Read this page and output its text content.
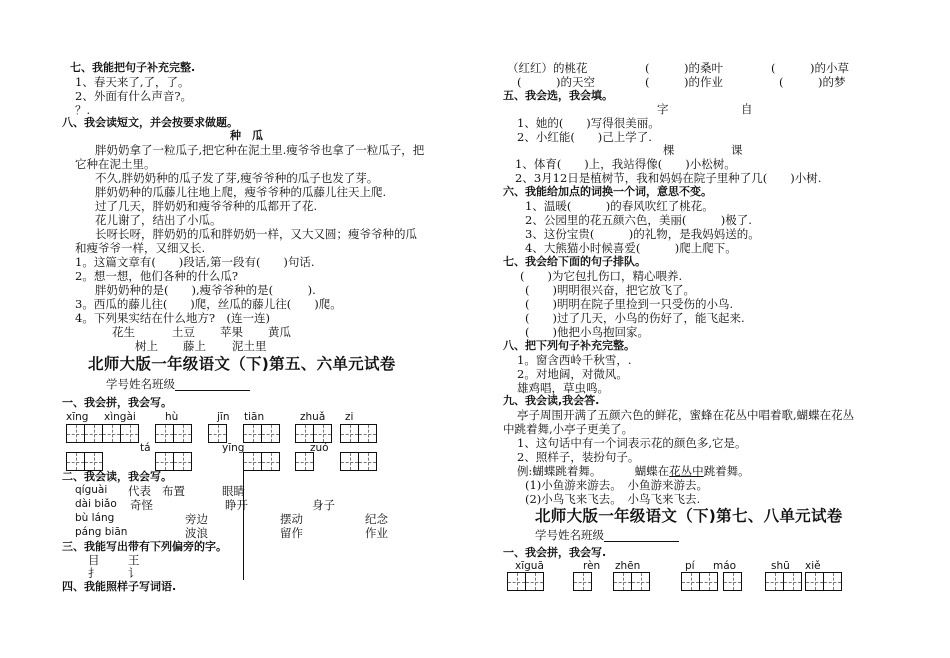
七、我能把句子补充完整.
1、春天来了,了，了。
2、外面有什么声音?。
？.
八、我会读短文，并会按要求做题。
种　瓜
胖奶奶拿了一粒瓜子,把它种在泥土里.瘦爷爷也拿了一粒瓜子，把
它种在泥土里。
不久,胖奶奶种的瓜子发了芽,瘦爷爷种的瓜子也发了芽。
胖奶奶种的瓜藤儿往地上爬，瘦爷爷种的瓜藤儿往天上爬.
过了几天，胖奶奶和瘦爷爷种的瓜都开了花.
花儿谢了，结出了小瓜。
长呀长呀，胖奶奶的瓜和胖奶奶一样，又大又圆；瘦爷爷种的瓜
和瘦爷爷一样，又细又长.
1。这篇文章有(　　)段话,第一段有(　　)句话.
2。想一想，他们各种的什么瓜?
胖奶奶种的是(　　),瘦爷爷种的是(　　　).
3。西瓜的藤儿往(　　)爬，丝瓜的藤儿往(　　)爬。
4。下列果实结在什么地方?　(连一连)
花生	土豆 苹果 黄瓜
树上 藤上 泥土里
北师大版一年级语文（下)第五、六单元试卷
学号姓名班级
一、我会拼，我会写。
xīng xìngài	hù	jīn tiān	zhuǎ zi
tá	yīng	zuó
二、我会读，我会写。
qíguài 代表 布置	眼睛
dài biǎo 奇怪	睁开	身子
bù láng	旁边	摆动	纪念
páng biān	波浪	留作	作业
三、我能写出带有下列偏旁的字。
目 王
扌 讠
四、我能照样子写词语.
（红红）的桃花	(　　　)的桑叶	(　　　)的小草
(　　　)的天空	(　　　)的作业	(　　　)的梦
五、我会选，我会填。
字	自
1、她的(　　)写得很美丽。
2、小红能(　　)己上学了.
棵	课
1、体育(　　)上，我站得像(　　)小松树。
2、3月12日是植树节，我和妈妈在院子里种了几(　　)小树.
六、我能给加点的词换一个词，意思不变。
1、温暖(　　　)的春风吹红了桃花。
2、公园里的花五颜六色，美丽(　　　)极了.
3、这份宝贵(　　　)的礼物，是我妈妈送的。
4、大熊猫小时候喜爱(　　　)爬上爬下。
七、我会给下面的句子排队。
(　　)为它包扎伤口，精心喂养.
(　　)明明很兴奋，把它放飞了。
(　　)明明在院子里捡到一只受伤的小鸟.
(　　)过了几天，小鸟的伤好了，能飞起来.
(　　)他把小鸟抱回家。
八、把下列句子补充完整。
1。窗含西岭千秋雪，.
2。对地阔，对微风。
雄鸡唱，草虫鸣。
九、我会读,我会答.
亭子周围开满了五颜六色的鲜花，蜜蜂在花丛中唱着歌,蝴蝶在花丛
中跳着舞,小亭子更美了。
1、这句话中有一个词表示花的颜色多,它是。
2、照样子，装扮句子。
例:蝴蝶跳着舞。	蝴蝶在花丛中跳着舞。
(1)小鱼游来游去。　小鱼游来游去。
(2)小鸟飞来飞去。　小鸟飞来飞去.
北师大版一年级语文（下)第七、八单元试卷
学号姓名班级
一、我会拼，我会写.
xīguā	rèn zhēn	pí máo	shū xiě
